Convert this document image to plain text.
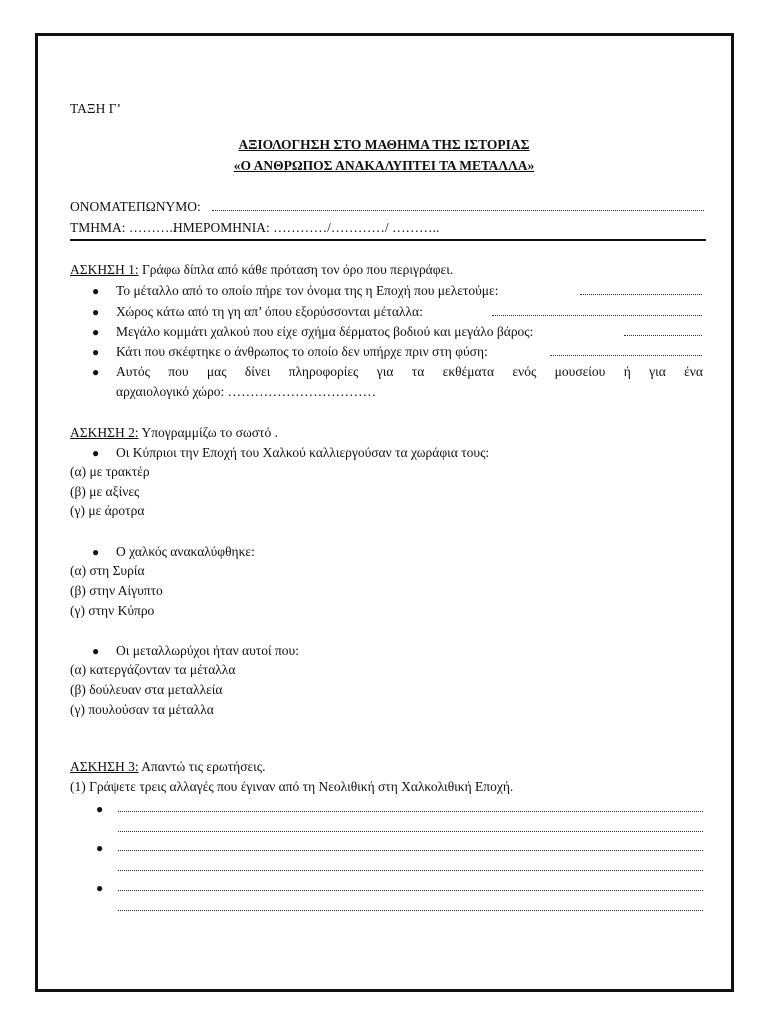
ΤΑΞΗ Γ’
ΑΞΙΟΛΟΓΗΣΗ ΣΤΟ ΜΑΘΗΜΑ ΤΗΣ ΙΣΤΟΡΙΑΣ
«Ο ΑΝΘΡΩΠΟΣ ΑΝΑΚΑΛΥΠΤΕΙ ΤΑ ΜΕΤΑΛΛΑ»
ΟΝΟΜΑΤΕΠΩΝΥΜΟ:
ΤΜΗΜΑ: ………..
ΗΜΕΡΟΜΗΝΙΑ: …………/…………/ ………..
ΑΣΚΗΣΗ 1: Γράφω δίπλα από κάθε πρόταση τον όρο που περιγράφει.
● Το μέταλλο από το οποίο πήρε τον όνομα της η Εποχή που μελετούμε:
● Χώρος κάτω από τη γη απ’ όπου εξορύσσονται μέταλλα:
● Μεγάλο κομμάτι χαλκού που είχε σχήμα δέρματος βοδιού και μεγάλο βάρος:
● Κάτι που σκέφτηκε ο άνθρωπος το οποίο δεν υπήρχε πριν στη φύση:
● Αυτός που μας δίνει πληροφορίες για τα εκθέματα ενός μουσείου ή για ένα
αρχαιολογικό χώρο: ……………………………
ΑΣΚΗΣΗ 2: Υπογραμμίζω το σωστό .
● Οι Κύπριοι την Εποχή του Χαλκού καλλιεργούσαν τα χωράφια τους:
(α) με τρακτέρ
(β) με αξίνες
(γ) με άροτρα
● Ο χαλκός ανακαλύφθηκε:
(α) στη Συρία
(β) στην Αίγυπτο
(γ) στην Κύπρο
● Οι μεταλλωρύχοι ήταν αυτοί που:
(α) κατεργάζονταν τα μέταλλα
(β) δούλευαν στα μεταλλεία
(γ) πουλούσαν τα μέταλλα
ΑΣΚΗΣΗ 3: Απαντώ τις ερωτήσεις.
(1) Γράψετε τρεις αλλαγές που έγιναν από τη Νεολιθική στη Χαλκολιθική Εποχή.
●
●
●
